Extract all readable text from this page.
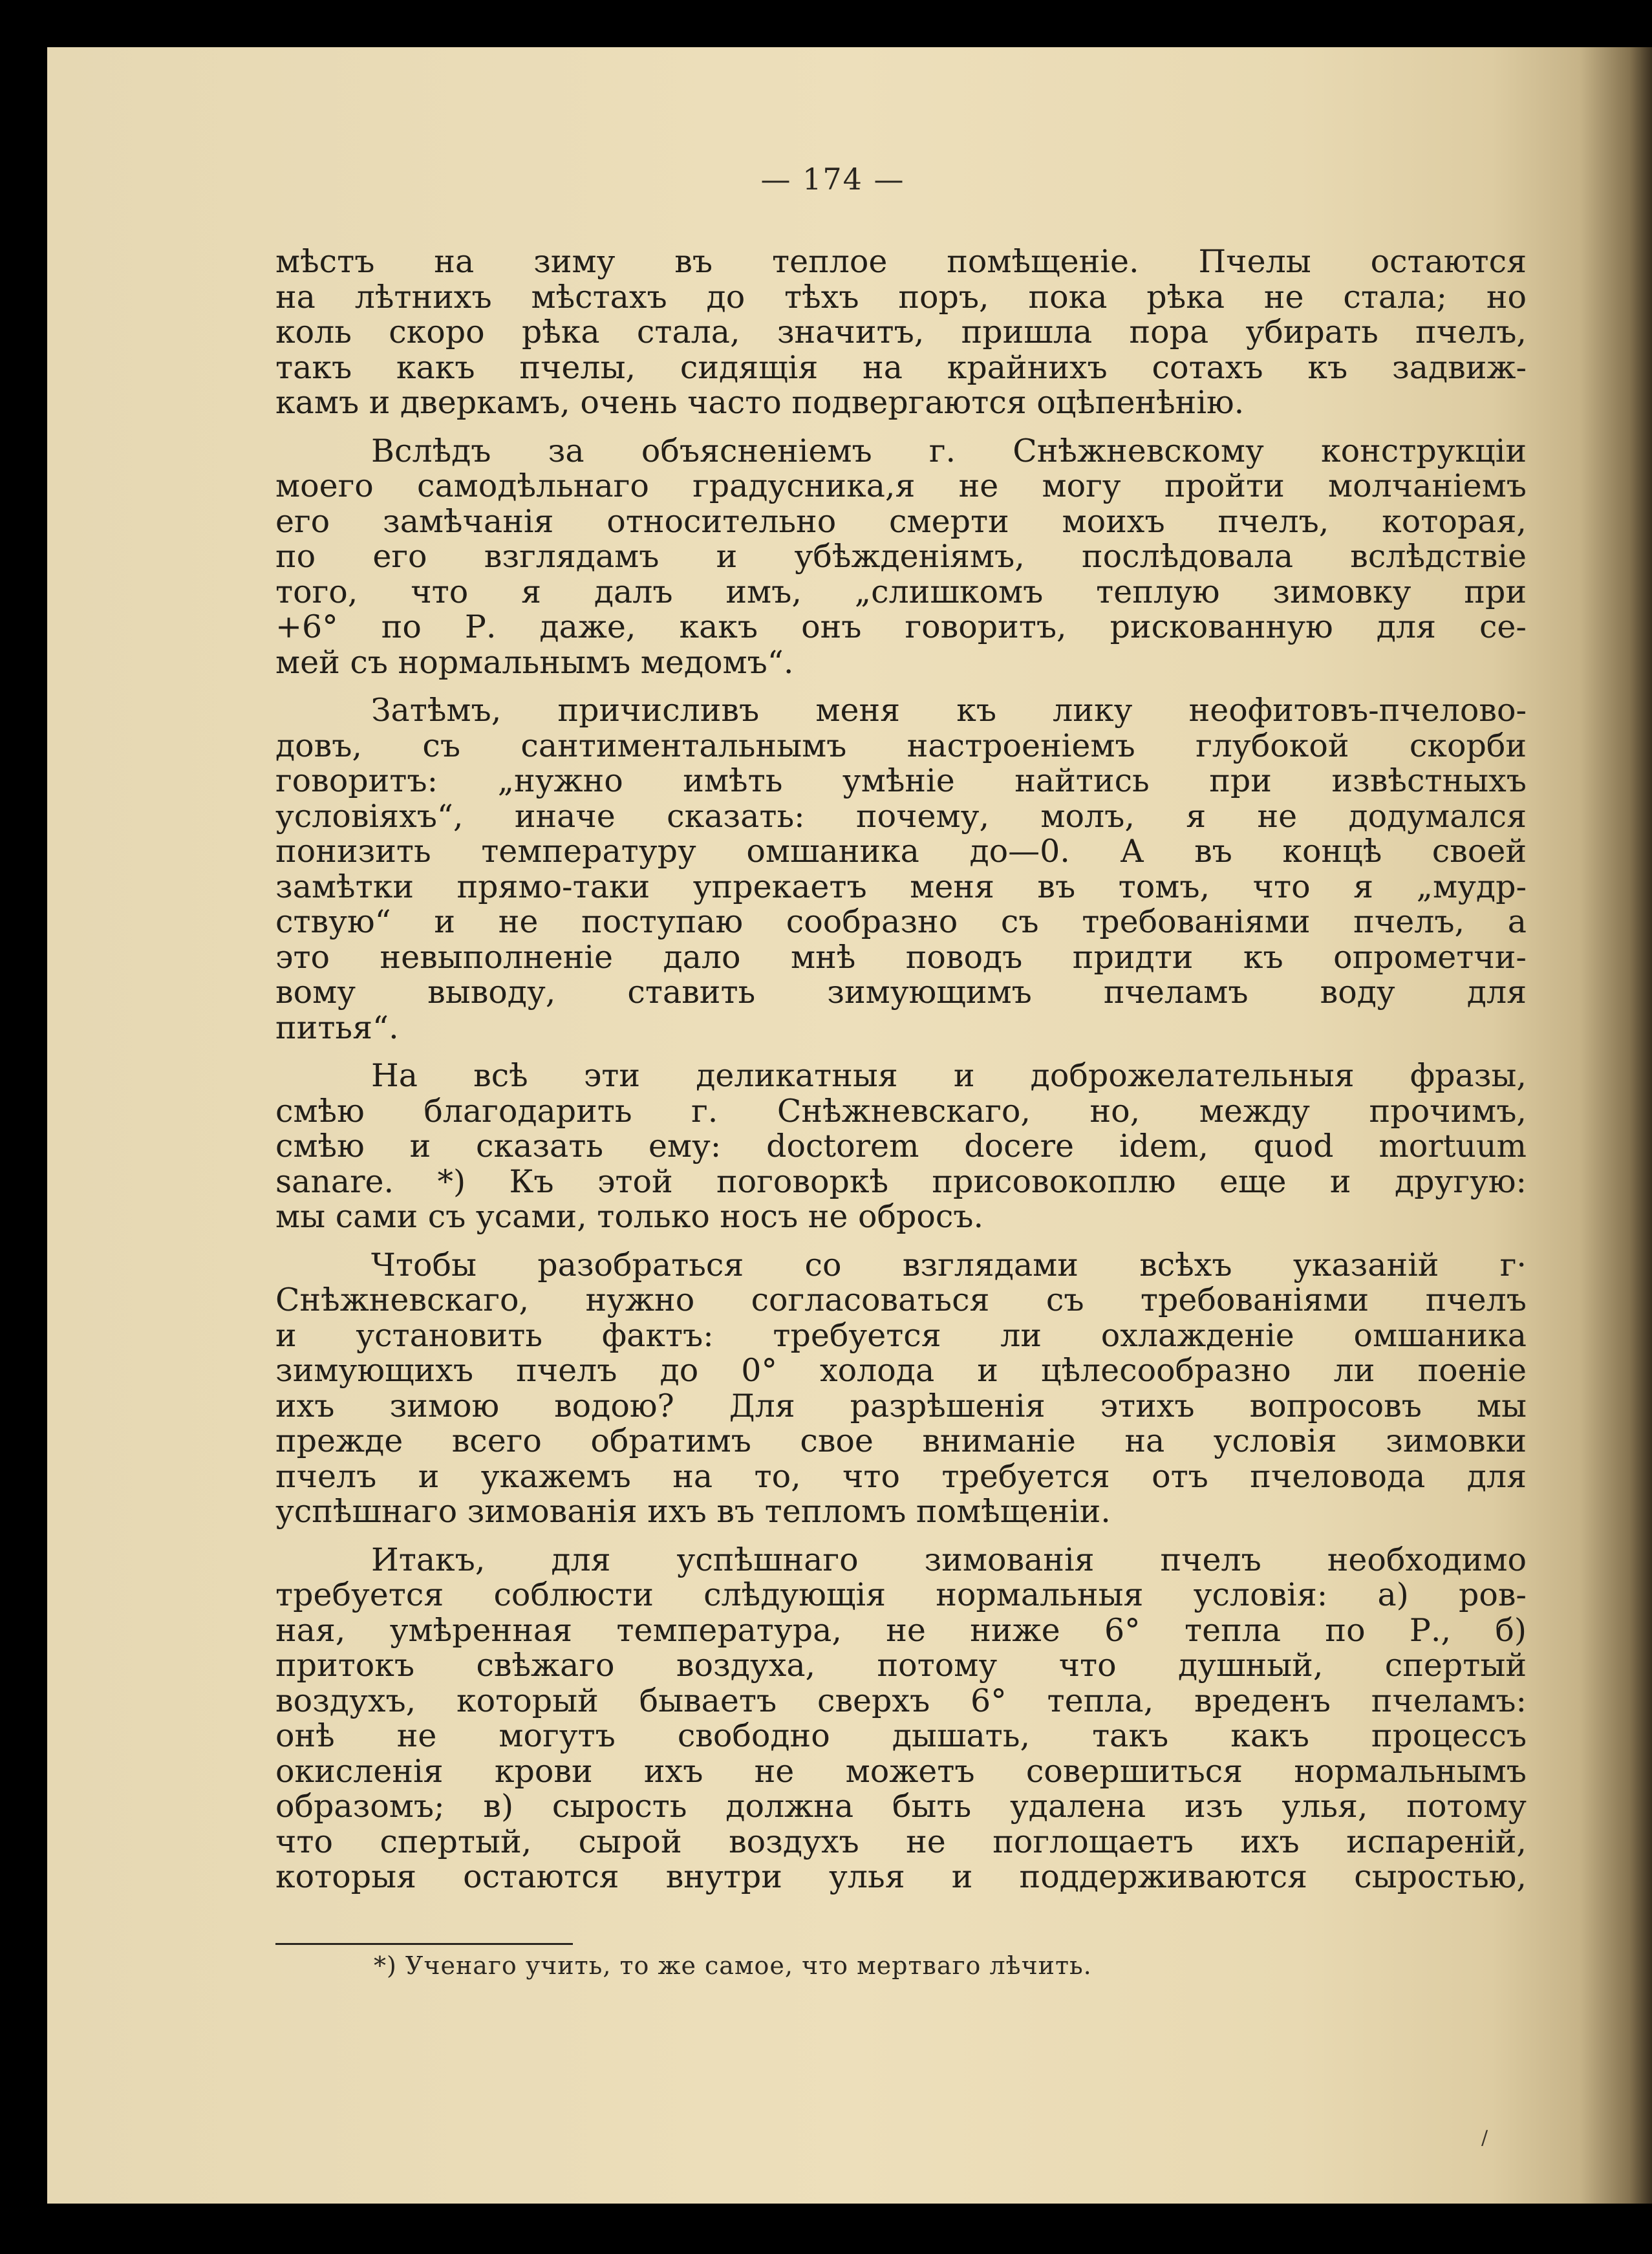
— 174 —
мѣстъ на зиму въ теплое помѣщеніе. Пчелы остаются
на лѣтнихъ мѣстахъ до тѣхъ поръ, пока рѣка не стала; но
коль скоро рѣка стала, значитъ, пришла пора убирать пчелъ,
такъ какъ пчелы, сидящія на крайнихъ сотахъ къ задвиж-
камъ и дверкамъ, очень часто подвергаются оцѣпенѣнію.
Вслѣдъ за объясненіемъ г. Снѣжневскому конструкціи
моего самодѣльнаго градусника,я не могу пройти молчаніемъ
его замѣчанія относительно смерти моихъ пчелъ, которая,
по его взглядамъ и убѣжденіямъ, послѣдовала вслѣдствіе
того, что я далъ имъ, „слишкомъ теплую зимовку при
+6° по Р. даже, какъ онъ говоритъ, рискованную для се-
мей съ нормальнымъ медомъ“.
Затѣмъ, причисливъ меня къ лику неофитовъ-пчелово-
довъ, съ сантиментальнымъ настроеніемъ глубокой скорби
говоритъ: „нужно имѣть умѣніе найтись при извѣстныхъ
условіяхъ“, иначе сказать: почему, молъ, я не додумался
понизить температуру омшаника до—0. А въ концѣ своей
замѣтки прямо-таки упрекаетъ меня въ томъ, что я „мудр-
ствую“ и не поступаю сообразно съ требованіями пчелъ, а
это невыполненіе дало мнѣ поводъ придти къ опрометчи-
вому выводу, ставить зимующимъ пчеламъ воду для
питья“.
На всѣ эти деликатныя и доброжелательныя фразы,
смѣю благодарить г. Снѣжневскаго, но, между прочимъ,
смѣю и сказать ему: doctorem docere idem, quod mortuum
sanare. *) Къ этой поговоркѣ присовокоплю еще и другую:
мы сами съ усами, только носъ не оброcъ.
Чтобы разобраться со взглядами всѣхъ указаній г·
Снѣжневскаго, нужно согласоваться съ требованіями пчелъ
и установить фактъ: требуется ли охлажденіе омшаника
зимующихъ пчелъ до 0° холода и цѣлесообразно ли поеніе
ихъ зимою водою? Для разрѣшенія этихъ вопросовъ мы
прежде всего обратимъ свое вниманіе на условія зимовки
пчелъ и укажемъ на то, что требуется отъ пчеловода для
успѣшнаго зимованія ихъ въ тепломъ помѣщеніи.
Итакъ, для успѣшнаго зимованія пчелъ необходимо
требуется соблюсти слѣдующія нормальныя условія: а) ров-
ная, умѣренная температура, не ниже 6° тепла по Р., б)
притокъ свѣжаго воздуха, потому что душный, спертый
воздухъ, который бываетъ сверхъ 6° тепла, вреденъ пчеламъ:
онѣ не могутъ свободно дышать, такъ какъ процессъ
окисленія крови ихъ не можетъ совершиться нормальнымъ
образомъ; в) сырость должна быть удалена изъ улья, потому
что спертый, сырой воздухъ не поглощаетъ ихъ испареній,
которыя остаются внутри улья и поддерживаются сыростью,
*) Ученаго учить, то же самое, что мертваго лѣчить.
/
